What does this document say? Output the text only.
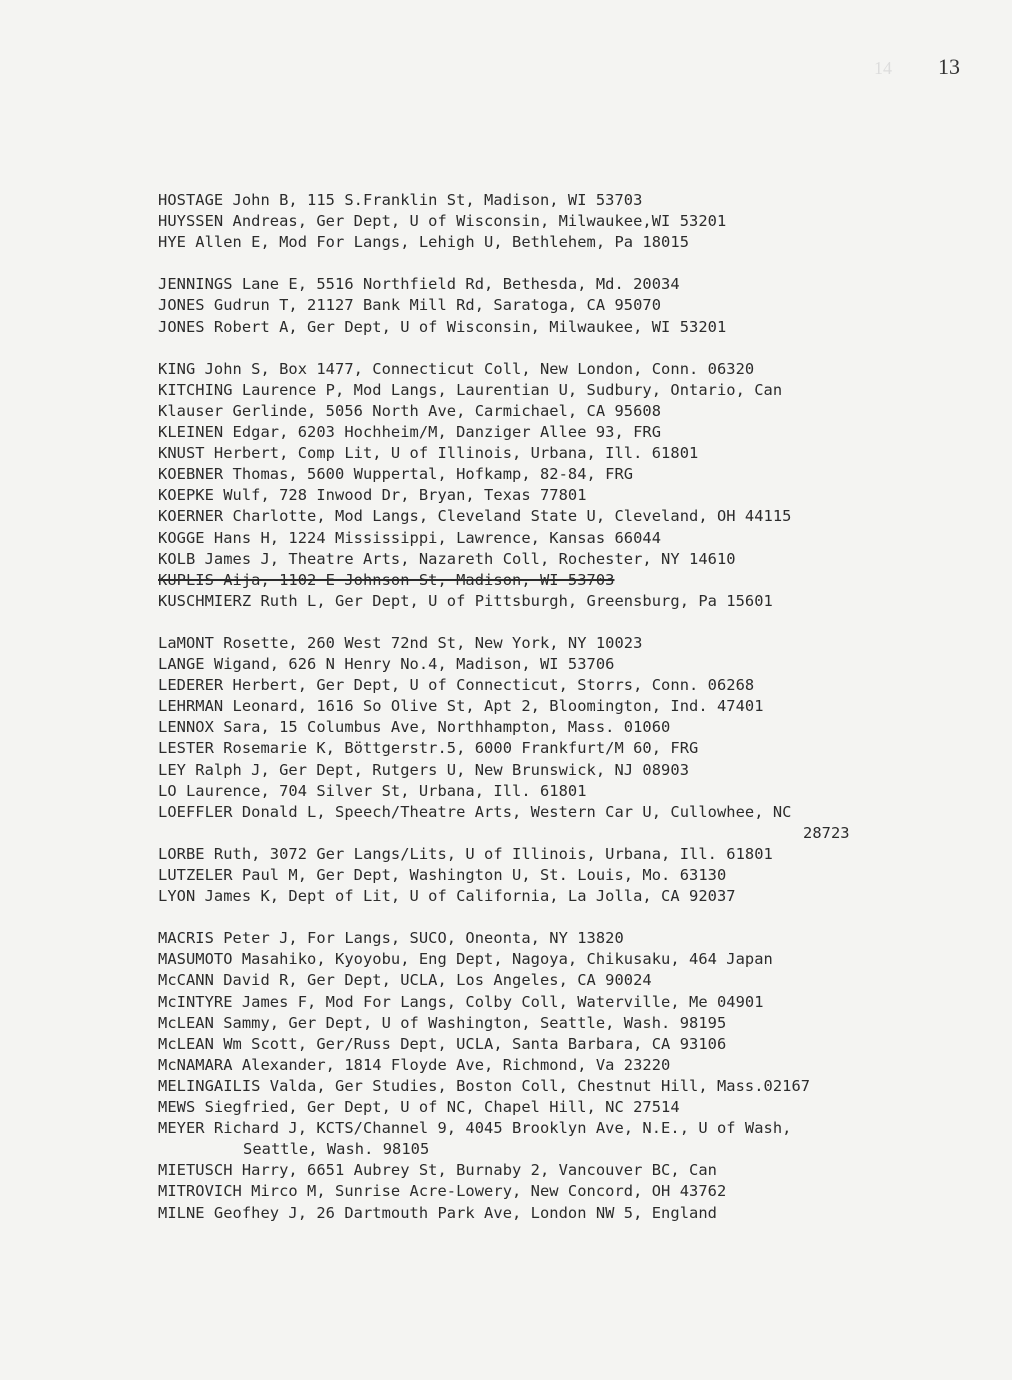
14 13
HOSTAGE John B, 115 S.Franklin St, Madison, WI 53703
HUYSSEN Andreas, Ger Dept, U of Wisconsin, Milwaukee,WI 53201
HYE Allen E, Mod For Langs, Lehigh U, Bethlehem, Pa 18015
JENNINGS Lane E, 5516 Northfield Rd, Bethesda, Md. 20034
JONES Gudrun T, 21127 Bank Mill Rd, Saratoga, CA 95070
JONES Robert A, Ger Dept, U of Wisconsin, Milwaukee, WI 53201
KING John S, Box 1477, Connecticut Coll, New London, Conn. 06320
KITCHING Laurence P, Mod Langs, Laurentian U, Sudbury, Ontario, Can
Klauser Gerlinde, 5056 North Ave, Carmichael, CA 95608
KLEINEN Edgar, 6203 Hochheim/M, Danziger Allee 93, FRG
KNUST Herbert, Comp Lit, U of Illinois, Urbana, Ill. 61801
KOEBNER Thomas, 5600 Wuppertal, Hofkamp, 82-84, FRG
KOEPKE Wulf, 728 Inwood Dr, Bryan, Texas 77801
KOERNER Charlotte, Mod Langs, Cleveland State U, Cleveland, OH 44115
KOGGE Hans H, 1224 Mississippi, Lawrence, Kansas 66044
KOLB James J, Theatre Arts, Nazareth Coll, Rochester, NY 14610
KUPLIS Aija, 1102 E Johnson St, Madison, WI 53703
KUSCHMIERZ Ruth L, Ger Dept, U of Pittsburgh, Greensburg, Pa 15601
LaMONT Rosette, 260 West 72nd St, New York, NY 10023
LANGE Wigand, 626 N Henry No.4, Madison, WI 53706
LEDERER Herbert, Ger Dept, U of Connecticut, Storrs, Conn. 06268
LEHRMAN Leonard, 1616 So Olive St, Apt 2, Bloomington, Ind. 47401
LENNOX Sara, 15 Columbus Ave, Northhampton, Mass. 01060
LESTER Rosemarie K, Böttgerstr.5, 6000 Frankfurt/M 60, FRG
LEY Ralph J, Ger Dept, Rutgers U, New Brunswick, NJ 08903
LO Laurence, 704 Silver St, Urbana, Ill. 61801
LOEFFLER Donald L, Speech/Theatre Arts, Western Car U, Cullowhee, NC
28723
LORBE Ruth, 3072 Ger Langs/Lits, U of Illinois, Urbana, Ill. 61801
LUTZELER Paul M, Ger Dept, Washington U, St. Louis, Mo. 63130
LYON James K, Dept of Lit, U of California, La Jolla, CA 92037
MACRIS Peter J, For Langs, SUCO, Oneonta, NY 13820
MASUMOTO Masahiko, Kyoyobu, Eng Dept, Nagoya, Chikusaku, 464 Japan
McCANN David R, Ger Dept, UCLA, Los Angeles, CA 90024
McINTYRE James F, Mod For Langs, Colby Coll, Waterville, Me 04901
McLEAN Sammy, Ger Dept, U of Washington, Seattle, Wash. 98195
McLEAN Wm Scott, Ger/Russ Dept, UCLA, Santa Barbara, CA 93106
McNAMARA Alexander, 1814 Floyde Ave, Richmond, Va 23220
MELINGAILIS Valda, Ger Studies, Boston Coll, Chestnut Hill, Mass.02167
MEWS Siegfried, Ger Dept, U of NC, Chapel Hill, NC 27514
MEYER Richard J, KCTS/Channel 9, 4045 Brooklyn Ave, N.E., U of Wash,
Seattle, Wash. 98105
MIETUSCH Harry, 6651 Aubrey St, Burnaby 2, Vancouver BC, Can
MITROVICH Mirco M, Sunrise Acre-Lowery, New Concord, OH 43762
MILNE Geofhey J, 26 Dartmouth Park Ave, London NW 5, England
